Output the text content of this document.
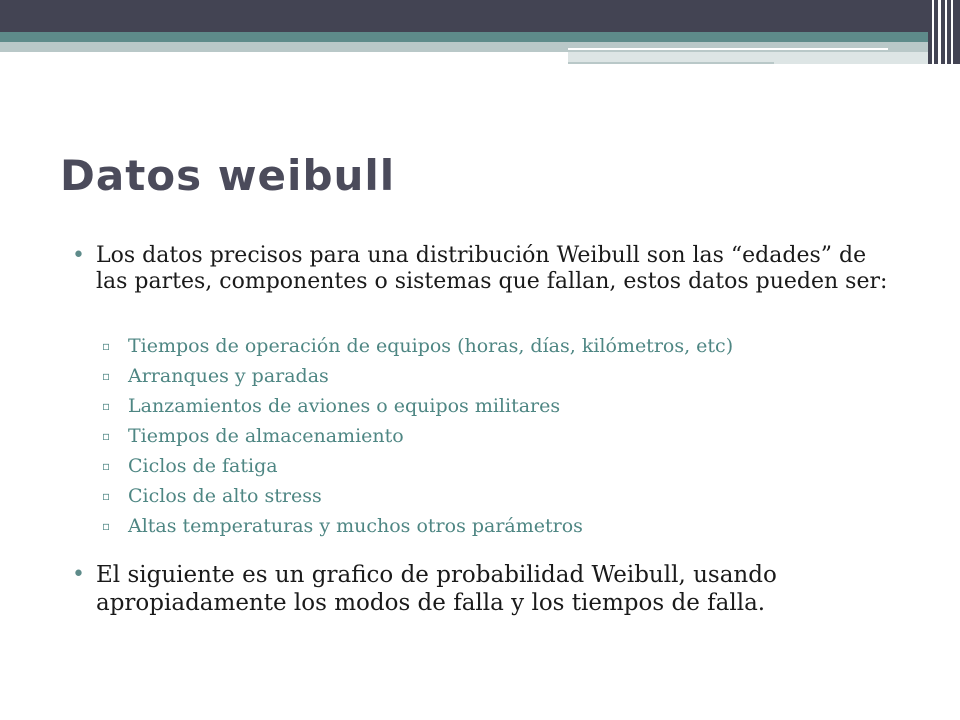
Datos weibull
• Los datos precisos para una distribución Weibull son las “edades” de las partes, componentes o sistemas que fallan, estos datos pueden ser:
▫ Tiempos de operación de equipos (horas, días, kilómetros, etc)
▫ Arranques y paradas
▫ Lanzamientos de aviones o equipos militares
▫ Tiempos de almacenamiento
▫ Ciclos de fatiga
▫ Ciclos de alto stress
▫ Altas temperaturas y muchos otros parámetros
• El siguiente es un grafico de probabilidad Weibull, usando apropiadamente los modos de falla y los tiempos de falla.
